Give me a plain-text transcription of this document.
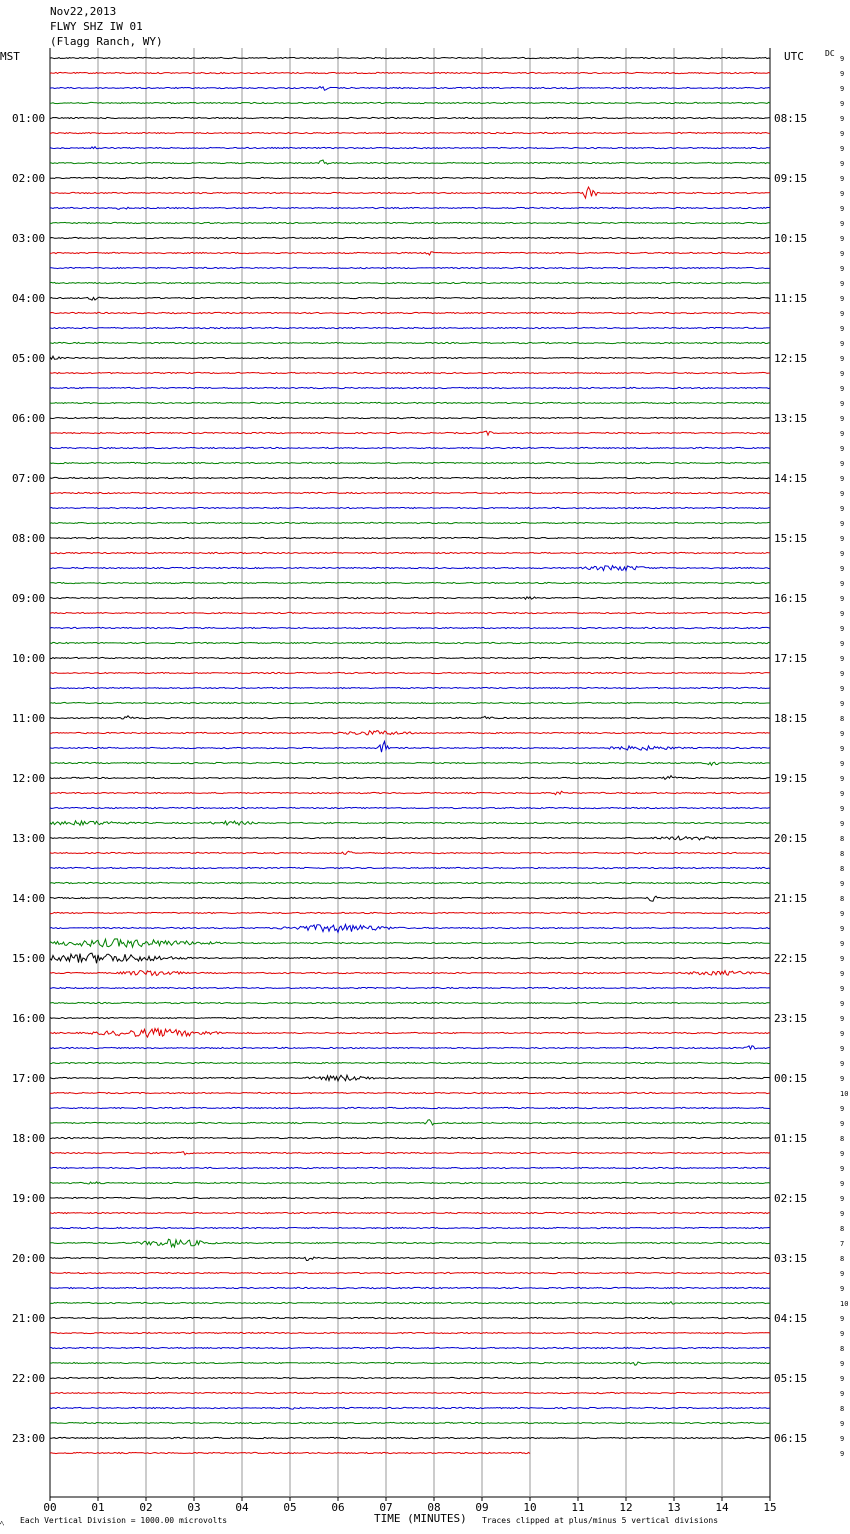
Nov22,2013
FLWY SHZ IW 01
(Flagg Ranch, WY)
MST	UTC	DC
9
9
9
9
9
9
9
9
9
9
9
9
9
9
9
9
9
9
9
9
9
9
9
9
9
9
9
9
9
9
9
9
9
9
9
9
9
9
9
9
9
9
9
9
8
9
9
9
9
9
9
9
8
8
8
9
8
9
9
9
9
9
9
9
9
9
9
9
9
10
9
9
8
9
9
9
9
9
8
7
8
9
9
10
9
9
8
9
9
9
8
9
9
9
01:00
02:00
03:00
04:00
05:00
06:00
07:00
08:00
09:00
10:00
11:00
12:00
13:00
14:00
15:00
16:00
17:00
18:00
19:00
20:00
21:00
22:00
23:00
08:15
09:15
10:15
11:15
12:15
13:15
14:15
15:15
16:15
17:15
18:15
19:15
20:15
21:15
22:15
23:15
00:15
01:15
02:15
03:15
04:15
05:15
06:15
00	01	02	03	04	05	06	07	08	09	10	11	12	13	14	15
ﾍ Each Vertical Division = 1000.00 microvolts	TIME (MINUTES) Traces clipped at plus/minus 5 vertical divisions
